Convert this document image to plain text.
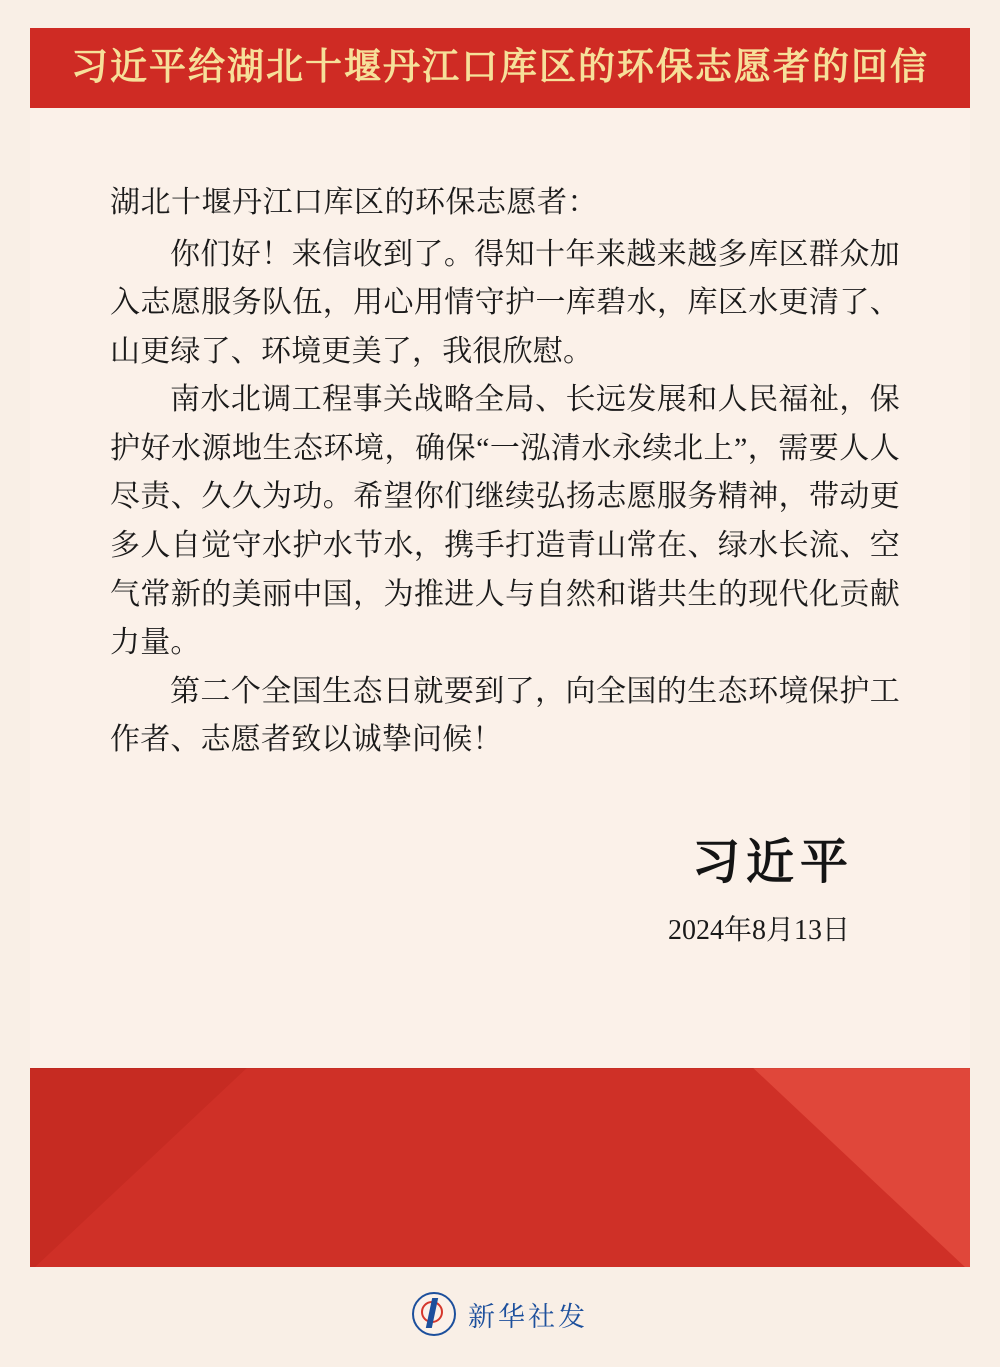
习近平给湖北十堰丹江口库区的环保志愿者的回信

湖北十堰丹江口库区的环保志愿者：

你们好！来信收到了。得知十年来越来越多库区群众加入志愿服务队伍，用心用情守护一库碧水，库区水更清了、山更绿了、环境更美了，我很欣慰。

南水北调工程事关战略全局、长远发展和人民福祉，保护好水源地生态环境，确保“一泓清水永续北上”，需要人人尽责、久久为功。希望你们继续弘扬志愿服务精神，带动更多人自觉守水护水节水，携手打造青山常在、绿水长流、空气常新的美丽中国，为推进人与自然和谐共生的现代化贡献力量。

第二个全国生态日就要到了，向全国的生态环境保护工作者、志愿者致以诚挚问候！

习近平
2024年8月13日
新华社发
